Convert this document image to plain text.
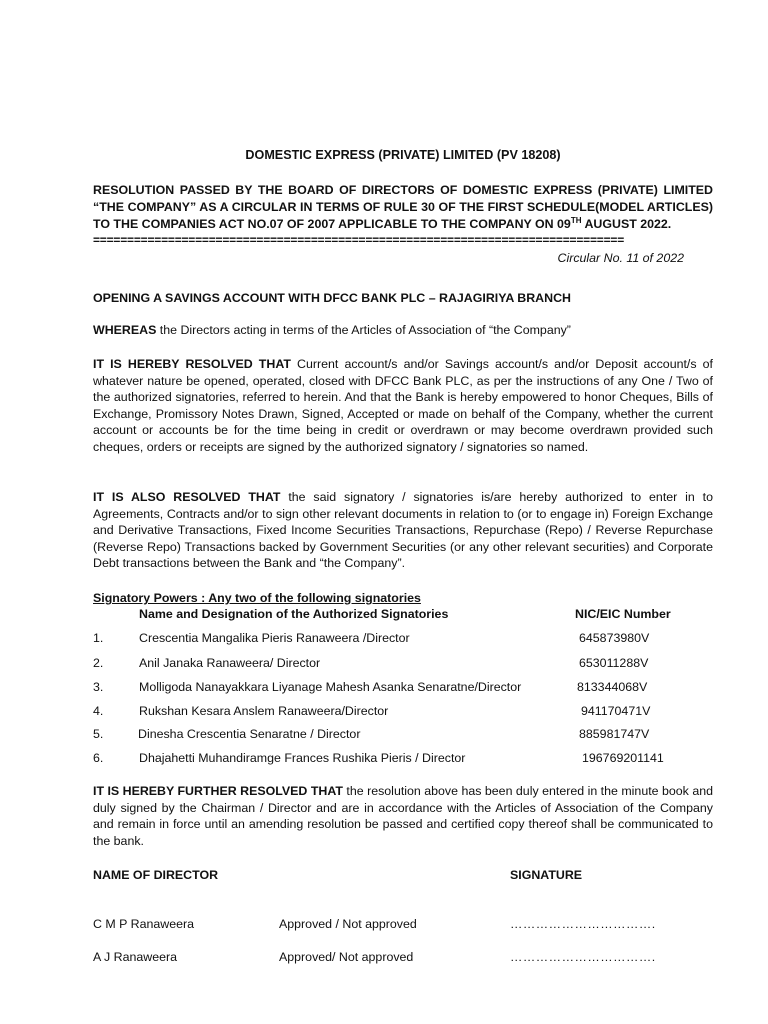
DOMESTIC EXPRESS (PRIVATE) LIMITED (PV 18208)
RESOLUTION PASSED BY THE BOARD OF DIRECTORS OF DOMESTIC EXPRESS (PRIVATE) LIMITED “THE COMPANY” AS A CIRCULAR IN TERMS OF RULE 30 OF THE FIRST SCHEDULE(MODEL ARTICLES) TO THE COMPANIES ACT NO.07 OF 2007 APPLICABLE TO THE COMPANY ON 09TH AUGUST 2022.
==============================================================================
Circular No. 11 of 2022
OPENING A SAVINGS ACCOUNT WITH DFCC BANK PLC – RAJAGIRIYA BRANCH
WHEREAS the Directors acting in terms of the Articles of Association of “the Company”
IT IS HEREBY RESOLVED THAT Current account/s and/or Savings account/s and/or Deposit account/s of whatever nature be opened, operated, closed with DFCC Bank PLC, as per the instructions of any One / Two of the authorized signatories, referred to herein. And that the Bank is hereby empowered to honor Cheques, Bills of Exchange, Promissory Notes Drawn, Signed, Accepted or made on behalf of the Company, whether the current account or accounts be for the time being in credit or overdrawn or may become overdrawn provided such cheques, orders or receipts are signed by the authorized signatory / signatories so named.
IT IS ALSO RESOLVED THAT the said signatory / signatories is/are hereby authorized to enter in to Agreements, Contracts and/or to sign other relevant documents in relation to (or to engage in) Foreign Exchange and Derivative Transactions, Fixed Income Securities Transactions, Repurchase (Repo) / Reverse Repurchase (Reverse Repo) Transactions backed by Government Securities (or any other relevant securities) and Corporate Debt transactions between the Bank and “the Company”.
Signatory Powers : Any two of the following signatories
Name and Designation of the Authorized Signatories	NIC/EIC Number
1.	Crescentia Mangalika Pieris Ranaweera /Director	645873980V
2.	Anil Janaka Ranaweera/ Director	653011288V
3.	Molligoda Nanayakkara Liyanage Mahesh Asanka Senaratne/Director	813344068V
4.	Rukshan Kesara Anslem Ranaweera/Director	941170471V
5.	Dinesha Crescentia Senaratne / Director	885981747V
6.	Dhajahetti Muhandiramge Frances Rushika Pieris / Director	196769201141
IT IS HEREBY FURTHER RESOLVED THAT the resolution above has been duly entered in the minute book and duly signed by the Chairman / Director and are in accordance with the Articles of Association of the Company and remain in force until an amending resolution be passed and certified copy thereof shall be communicated to the bank.
NAME OF DIRECTOR	SIGNATURE
C M P Ranaweera	Approved / Not approved	…………………………….
A J Ranaweera	Approved/ Not approved	…………………………….
